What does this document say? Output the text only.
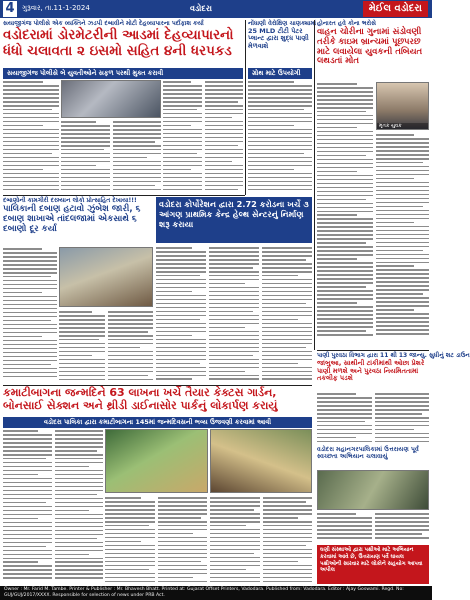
4	ગુરૂવાર, તા.11-1-2024	વડોદરા	મેઈલ વડોદરા
સયાજીગંજ પોલીસે એક વ્યક્તિને ઝડપી દબાવીને મોટી દેહવ્યાપારના પર્દાફાશ કર્યા
વડોદરામાં ડોરમેટરીની આડમાં દેહવ્યાપારનો ધંધો ચલાવતા ૨ ઇસમો સહિત ૪ની ધરપકડ
સયાજીગંજ પોલીસે બે યુવતીઓને સફળ પરથી મુક્ત કરાવી
નોંધાણી વેરોક્ષિણ ચાણક્યામાં
25 MLD ટીટી પેટર પ્લાન્ટ દ્વારા શુદ્ધ પાણી મેળવાશે
ગ્રોથ માટે ઉપયોગી
હોનારત હવે કોના ભરોસે
વાહન ચોરીના ગુનામાં સંડોવણી તરીકે કાઇમ બ્રાન્ચમાં પૂછપરછ માટે લવાયેલા યુવકની તબિયત લથડતાં મોત
મૃતક યુવક
દબાણોની કામગીરી દરમ્યાન લોકો પ્રોત્સાહિત દેખાયા!!!
પાલિકાની દબાણ હટાવો ઝુંબેશ જારી, ૬ દબાણ શાખાએ તાંદલજામાં એકસાથે ૬ દબાણો દૂર કર્યા
વડોદરા કોર્પોરેશન દ્વારા 2.72 કરોડના ખર્ચે ૩ આંગણ પ્રાથમિક કેન્દ્ર હેલ્થ સેન્ટરનું નિર્માણ શરૂ કરાયા
પાણી પુરવઠા વિભાગ દ્વારા 11 થી 13 જાન્યુ. સુધીનું શટ ડાઉન
જાંબુઆ, સાથીની ટાંકીમાંથી ઓછા પ્રેશરે પાણી મળશે અને પુરવઠા નિયમિતતામાં તકલીફ પડશે
વડોદરા મહાનગરપાલિકામાં ઉત્તરાયણ પૂર્વ સ્વચ્છતા અભિયાન ચલાવાયું
કમાટીબાગના જન્મદિને 63 લાખના ખર્ચે તૈયાર કેક્ટસ ગાર્ડન, બોનસાઈ સેક્શન અને થ્રીડી ડાઈનાસોર પાર્કનું લોકાર્પણ કરાયું
વડોદરા પાલિકા દ્વારા કમાટીબાગના 145માં જન્મદિવસની ભવ્ય ઉજવણી કરવામાં આવી
ઘણી સંસ્થાઓ દ્વારા પક્ષીઓ માટે અભિયાન કરવામાં આવે છે, ઉત્તરાયણ પર્વે ઘાયલ પક્ષીઓની સારવાર માટે લોકોને સહયોગ આપવા અપીલ
Owner : Mr. Farid M. Tambe. Printer & Publisher : Mr. Bhavesh Bhatt. Printed at: Gujarat Offset Printers, Vadodara. Published from: Vadodara. Editor : Ajay Goswami. Regd. No: GUJ/GUJ/2017/XXXX. Responsible for selection of news under PRB Act.
